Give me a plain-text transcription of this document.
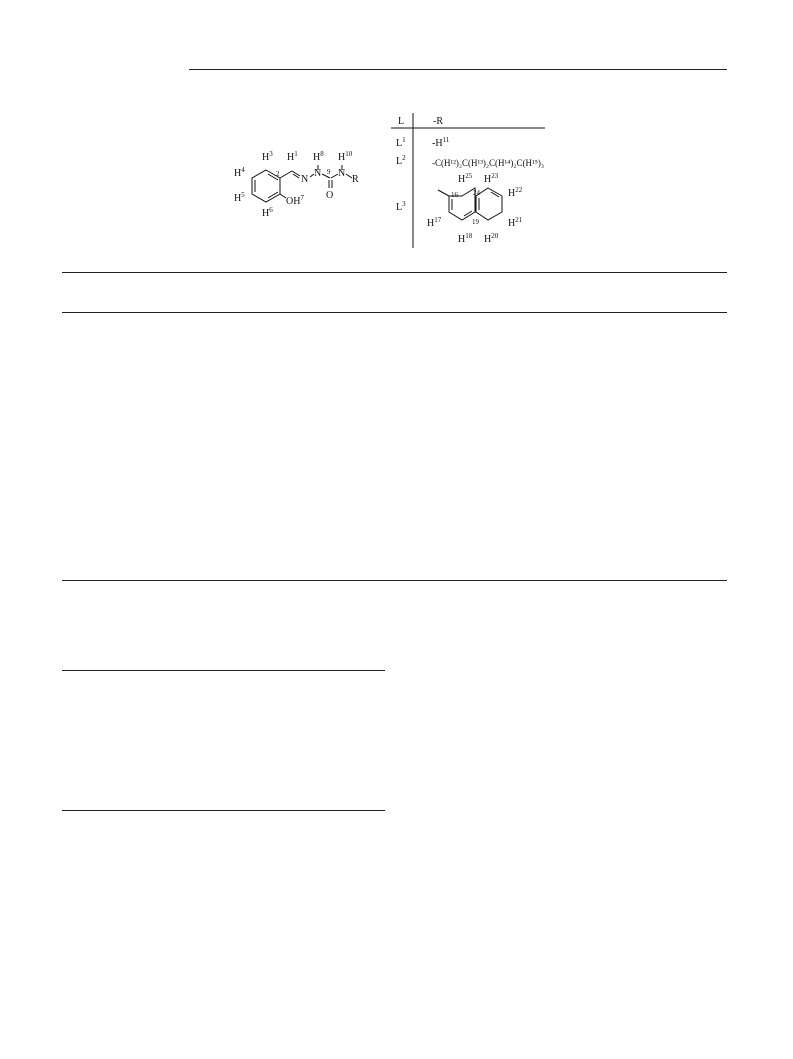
$H^3$ $H^1$
$H^4$
$H^5$
$H^6$
2
$OH^7$
N
$H^8$
N 9
O
$H^{10}$
N
R
L	-R
$L^1$	$-H^{11}$
$L^2$	-C(H¹²)₂C(H¹³)₂C(H¹⁴)₂C(H¹⁵)₃
$L^3$
$H^{25}$ $H^{23}$
$H^{22}$
$H^{21}$
$H^{20}$
$H^{18}$
$H^{17}$
16 24
19
